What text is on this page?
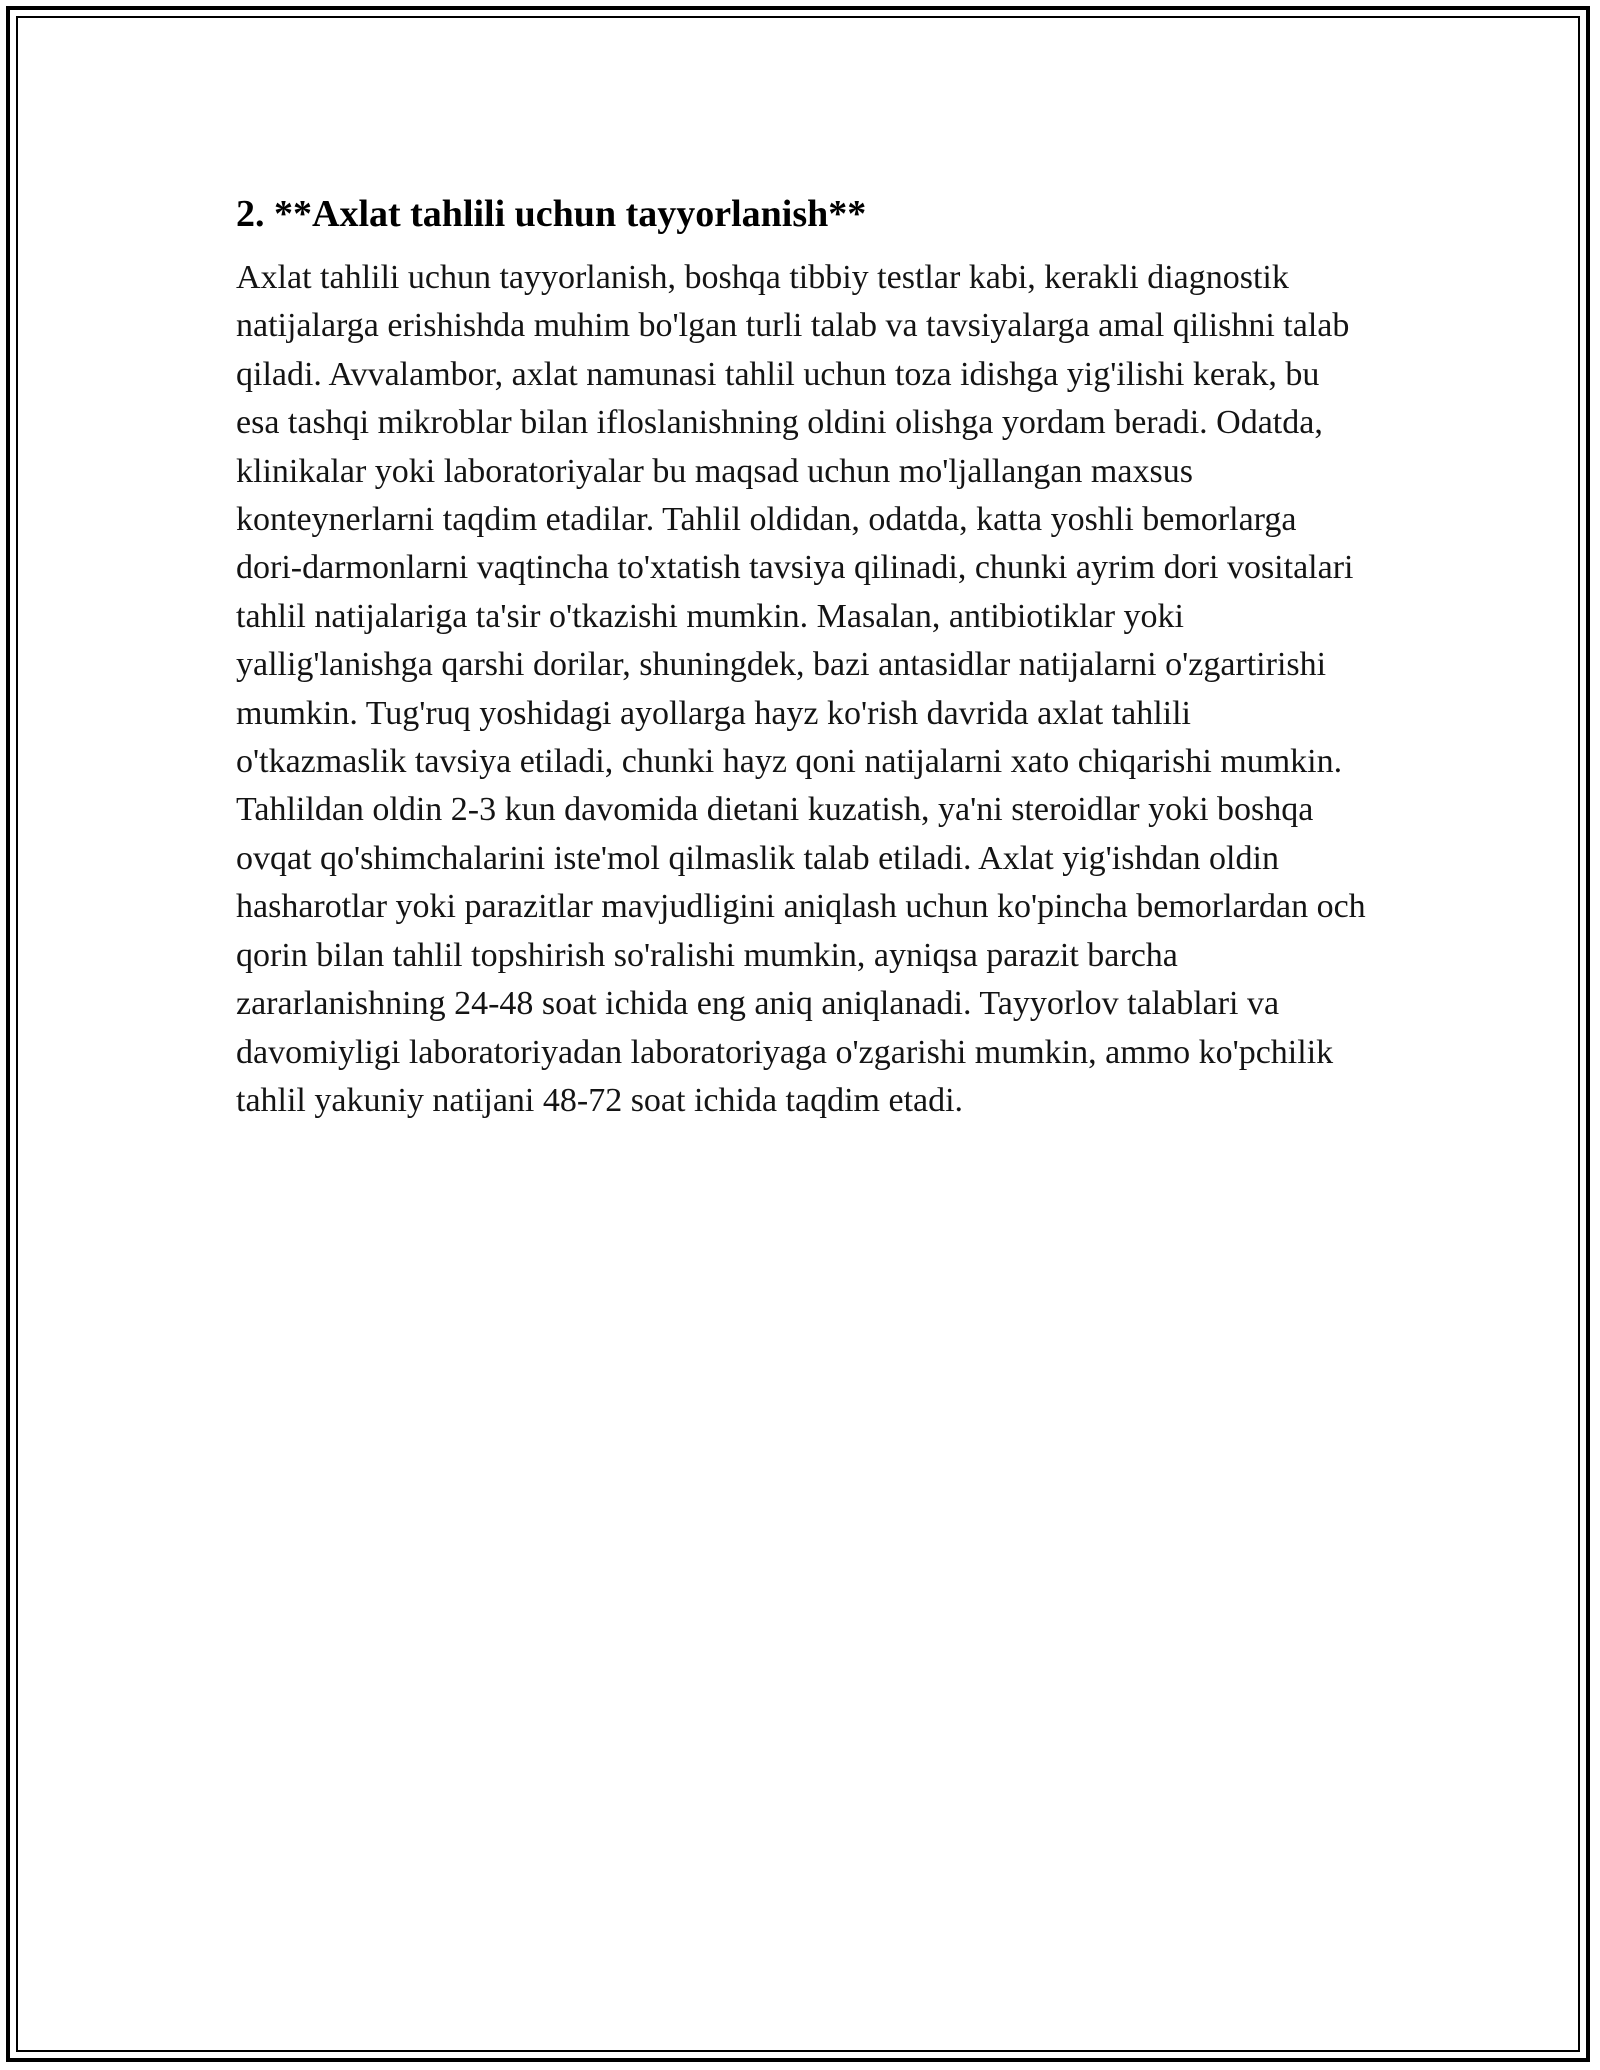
2. **Axlat tahlili uchun tayyorlanish**

Axlat tahlili uchun tayyorlanish, boshqa tibbiy testlar kabi, kerakli diagnostik natijalarga erishishda muhim bo'lgan turli talab va tavsiyalarga amal qilishni talab qiladi. Avvalambor, axlat namunasi tahlil uchun toza idishga yig'ilishi kerak, bu esa tashqi mikroblar bilan ifloslanishning oldini olishga yordam beradi. Odatda, klinikalar yoki laboratoriyalar bu maqsad uchun mo'ljallangan maxsus konteynerlarni taqdim etadilar. Tahlil oldidan, odatda, katta yoshli bemorlarga dori-darmonlarni vaqtincha to'xtatish tavsiya qilinadi, chunki ayrim dori vositalari tahlil natijalariga ta'sir o'tkazishi mumkin. Masalan, antibiotiklar yoki yallig'lanishga qarshi dorilar, shuningdek, bazi antasidlar natijalarni o'zgartirishi mumkin. Tug'ruq yoshidagi ayollarga hayz ko'rish davrida axlat tahlili o'tkazmaslik tavsiya etiladi, chunki hayz qoni natijalarni xato chiqarishi mumkin. Tahlildan oldin 2-3 kun davomida dietani kuzatish, ya'ni steroidlar yoki boshqa ovqat qo'shimchalarini iste'mol qilmaslik talab etiladi. Axlat yig'ishdan oldin hasharotlar yoki parazitlar mavjudligini aniqlash uchun ko'pincha bemorlardan och qorin bilan tahlil topshirish so'ralishi mumkin, ayniqsa parazit barcha zararlanishning 24-48 soat ichida eng aniq aniqlanadi. Tayyorlov talablari va davomiyligi laboratoriyadan laboratoriyaga o'zgarishi mumkin, ammo ko'pchilik tahlil yakuniy natijani 48-72 soat ichida taqdim etadi.
